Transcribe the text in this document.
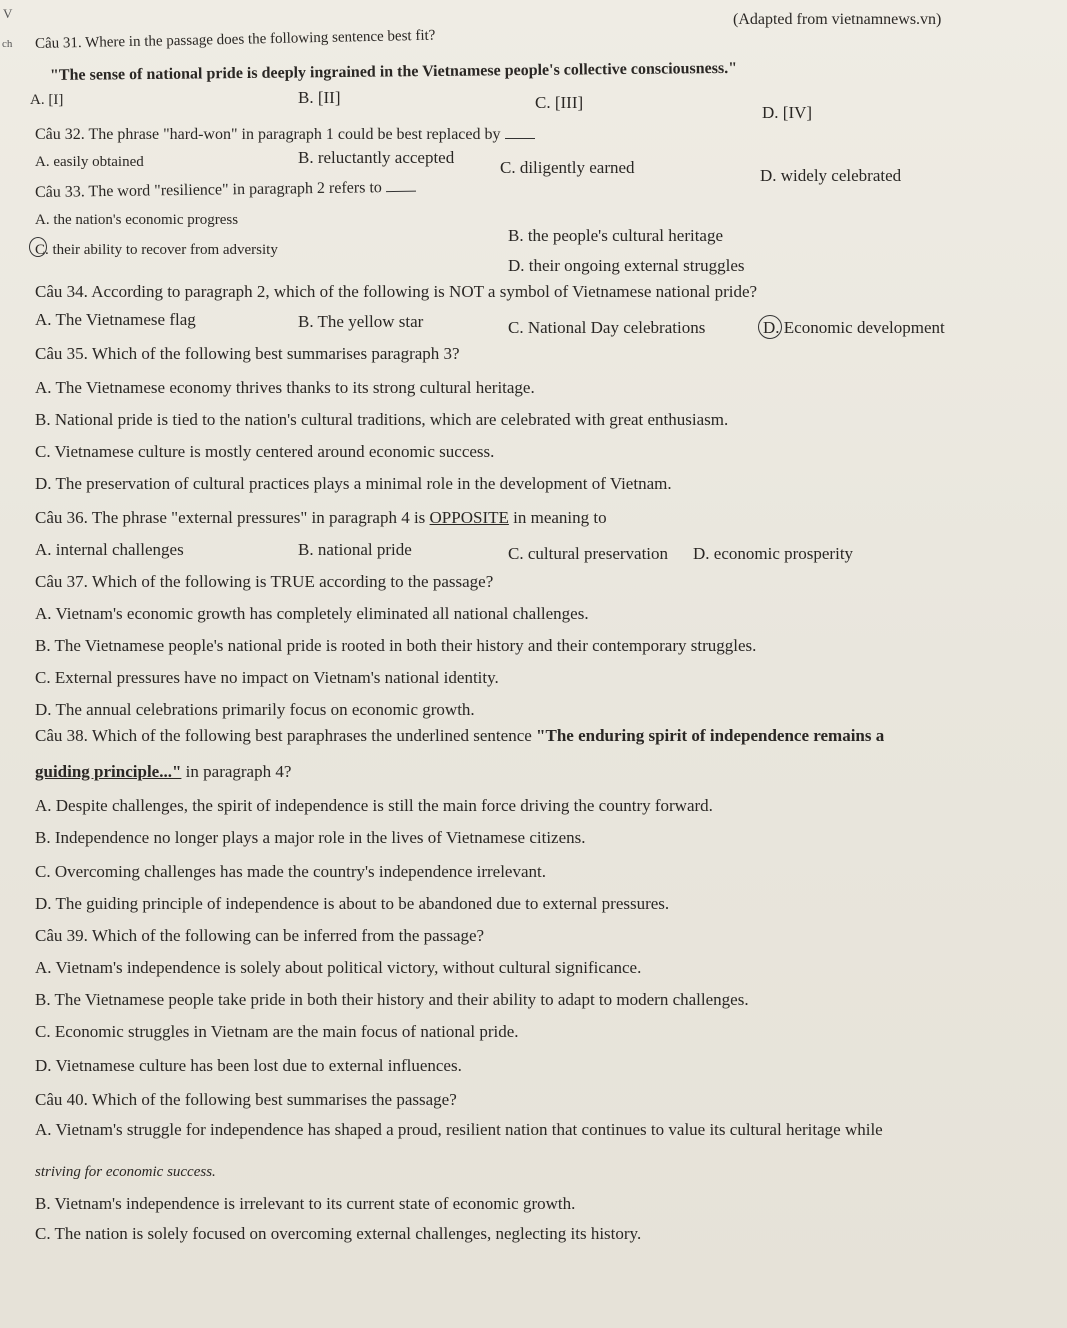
V
ch
(Adapted from vietnamnews.vn)
Câu 31. Where in the passage does the following sentence best fit?
"The sense of national pride is deeply ingrained in the Vietnamese people's collective consciousness."
A. [I]	B. [II]	C. [III]
D. [IV]
Câu 32. The phrase "hard-won" in paragraph 1 could be best replaced by
A. easily obtained	B. reluctantly accepted
C. diligently earned	D. widely celebrated
Câu 33. The word "resilience" in paragraph 2 refers to
A. the nation's economic progress
B. the people's cultural heritage
C. their ability to recover from adversity
D. their ongoing external struggles
Câu 34. According to paragraph 2, which of the following is NOT a symbol of Vietnamese national pride?
A. The Vietnamese flag	B. The yellow star	C. National Day celebrations	D. Economic development
Câu 35. Which of the following best summarises paragraph 3?
A. The Vietnamese economy thrives thanks to its strong cultural heritage.
B. National pride is tied to the nation's cultural traditions, which are celebrated with great enthusiasm.
C. Vietnamese culture is mostly centered around economic success.
D. The preservation of cultural practices plays a minimal role in the development of Vietnam.
Câu 36. The phrase "external pressures" in paragraph 4 is OPPOSITE in meaning to
A. internal challenges	B. national pride	C. cultural preservation D. economic prosperity
Câu 37. Which of the following is TRUE according to the passage?
A. Vietnam's economic growth has completely eliminated all national challenges.
B. The Vietnamese people's national pride is rooted in both their history and their contemporary struggles.
C. External pressures have no impact on Vietnam's national identity.
D. The annual celebrations primarily focus on economic growth.
Câu 38. Which of the following best paraphrases the underlined sentence "The enduring spirit of independence remains a
guiding principle..." in paragraph 4?
A. Despite challenges, the spirit of independence is still the main force driving the country forward.
B. Independence no longer plays a major role in the lives of Vietnamese citizens.
C. Overcoming challenges has made the country's independence irrelevant.
D. The guiding principle of independence is about to be abandoned due to external pressures.
Câu 39. Which of the following can be inferred from the passage?
A. Vietnam's independence is solely about political victory, without cultural significance.
B. The Vietnamese people take pride in both their history and their ability to adapt to modern challenges.
C. Economic struggles in Vietnam are the main focus of national pride.
D. Vietnamese culture has been lost due to external influences.
Câu 40. Which of the following best summarises the passage?
A. Vietnam's struggle for independence has shaped a proud, resilient nation that continues to value its cultural heritage while
striving for economic success.
B. Vietnam's independence is irrelevant to its current state of economic growth.
C. The nation is solely focused on overcoming external challenges, neglecting its history.
